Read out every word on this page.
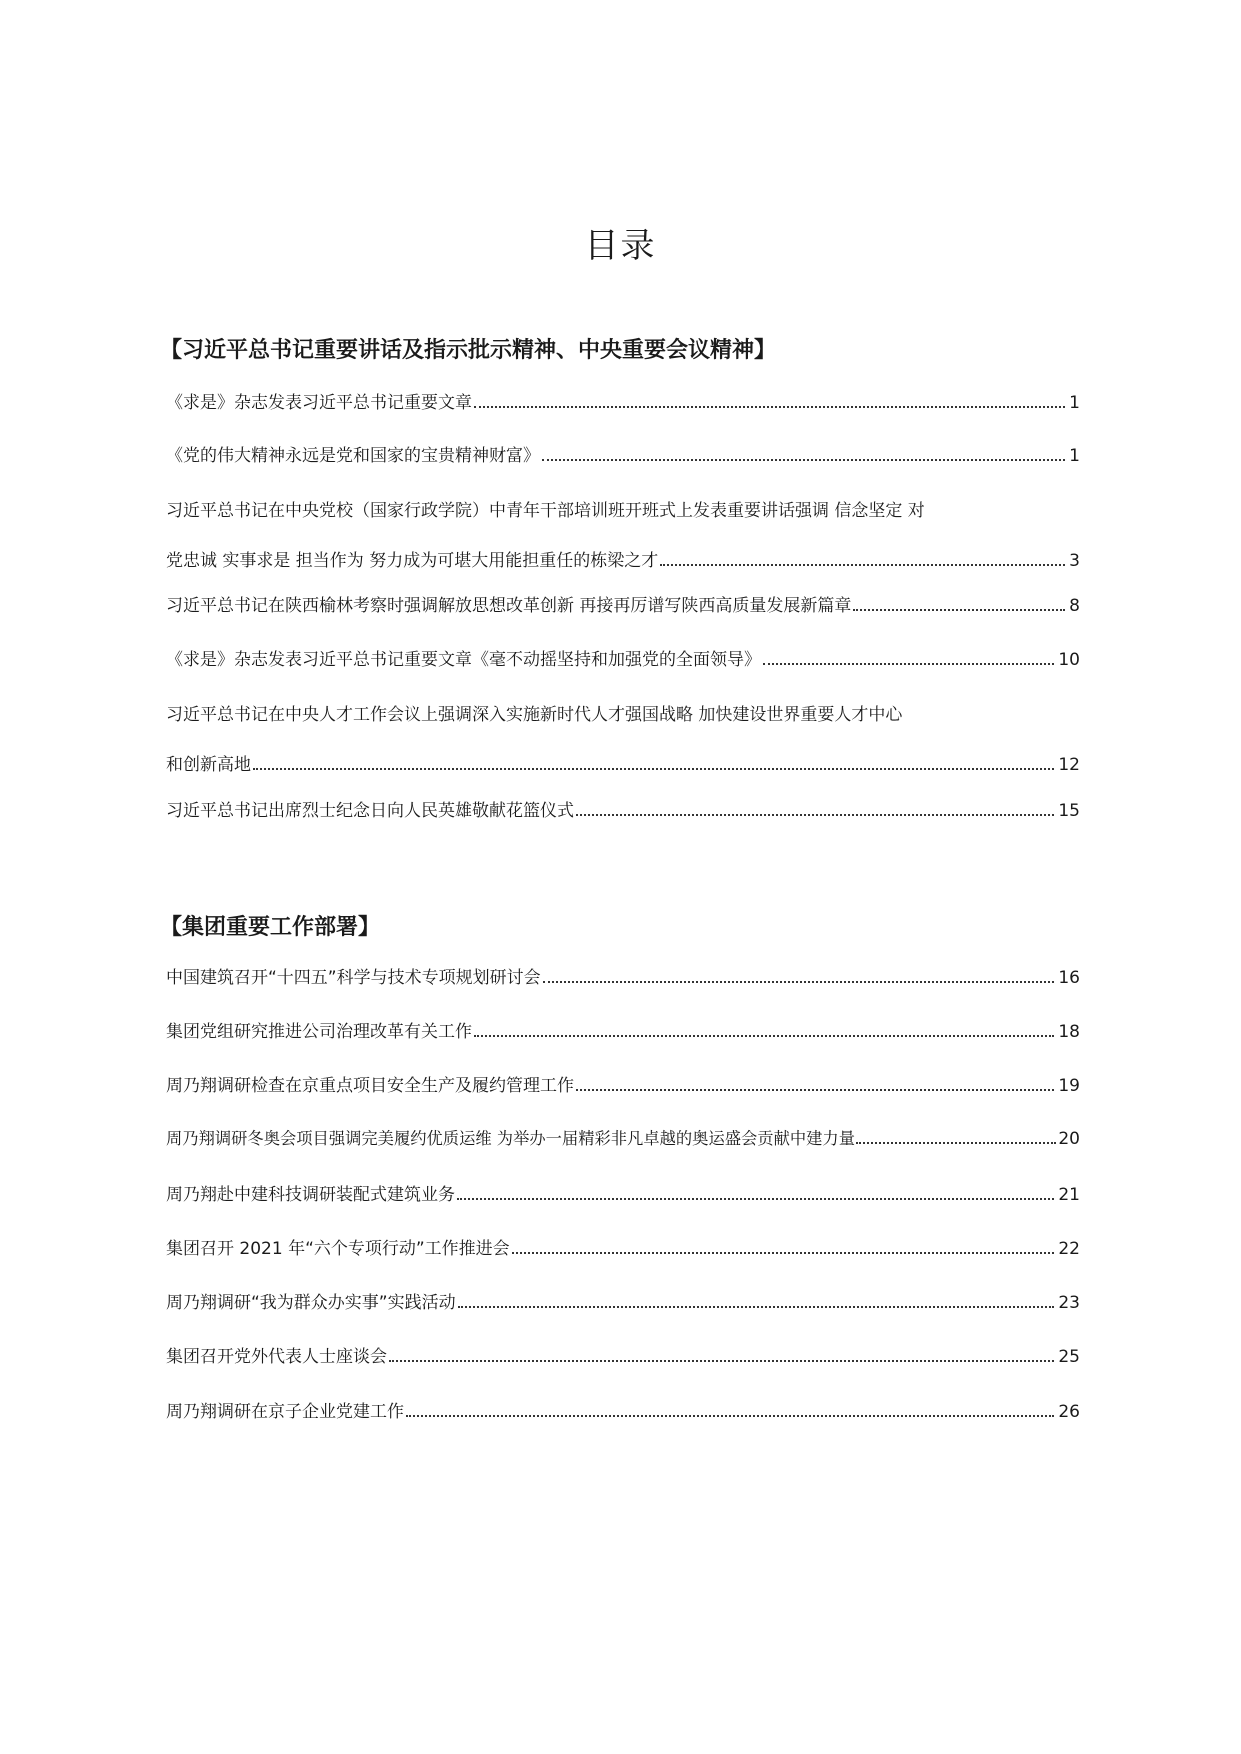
目录
【习近平总书记重要讲话及指示批示精神、中央重要会议精神】
《求是》杂志发表习近平总书记重要文章	1
《党的伟大精神永远是党和国家的宝贵精神财富》	1
习近平总书记在中央党校（国家行政学院）中青年干部培训班开班式上发表重要讲话强调 信念坚定 对
党忠诚 实事求是 担当作为 努力成为可堪大用能担重任的栋梁之才	3
习近平总书记在陕西榆林考察时强调解放思想改革创新 再接再厉谱写陕西高质量发展新篇章	8
《求是》杂志发表习近平总书记重要文章《毫不动摇坚持和加强党的全面领导》	10
习近平总书记在中央人才工作会议上强调深入实施新时代人才强国战略 加快建设世界重要人才中心
和创新高地	12
习近平总书记出席烈士纪念日向人民英雄敬献花篮仪式	15
【集团重要工作部署】
中国建筑召开“十四五”科学与技术专项规划研讨会	16
集团党组研究推进公司治理改革有关工作	18
周乃翔调研检查在京重点项目安全生产及履约管理工作	19
周乃翔调研冬奥会项目强调完美履约优质运维 为举办一届精彩非凡卓越的奥运盛会贡献中建力量	20
周乃翔赴中建科技调研装配式建筑业务	21
集团召开 2021 年“六个专项行动”工作推进会	22
周乃翔调研“我为群众办实事”实践活动	23
集团召开党外代表人士座谈会	25
周乃翔调研在京子企业党建工作	26
